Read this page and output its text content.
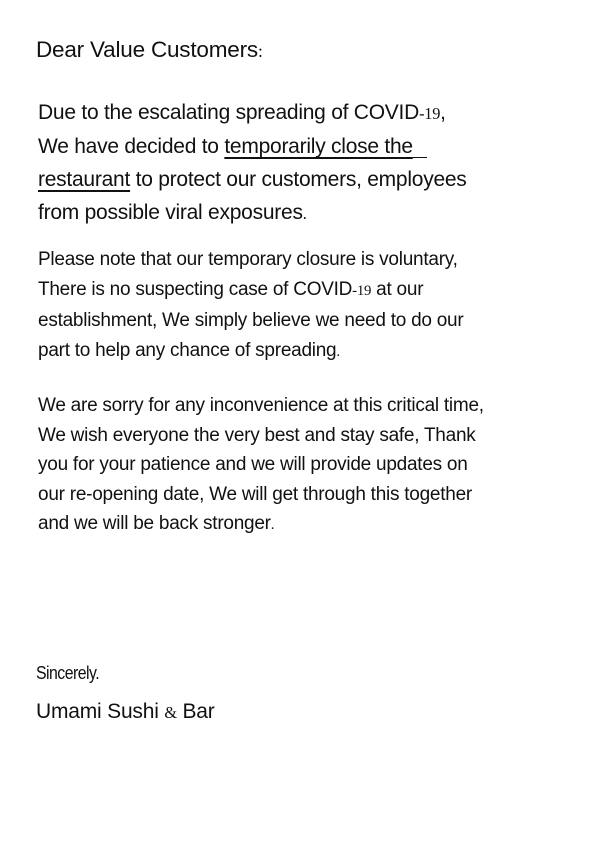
Dear Value Customers:
Due to the escalating spreading of COVID-19,
We have decided to temporarily close the
restaurant to protect our customers, employees
from possible viral exposures.
Please note that our temporary closure is voluntary,
There is no suspecting case of COVID-19 at our
establishment, We simply believe we need to do our
part to help any chance of spreading.
We are sorry for any inconvenience at this critical time,
We wish everyone the very best and stay safe, Thank
you for your patience and we will provide updates on
our re-opening date, We will get through this together
and we will be back stronger.
Sincerely.
Umami Sushi & Bar
